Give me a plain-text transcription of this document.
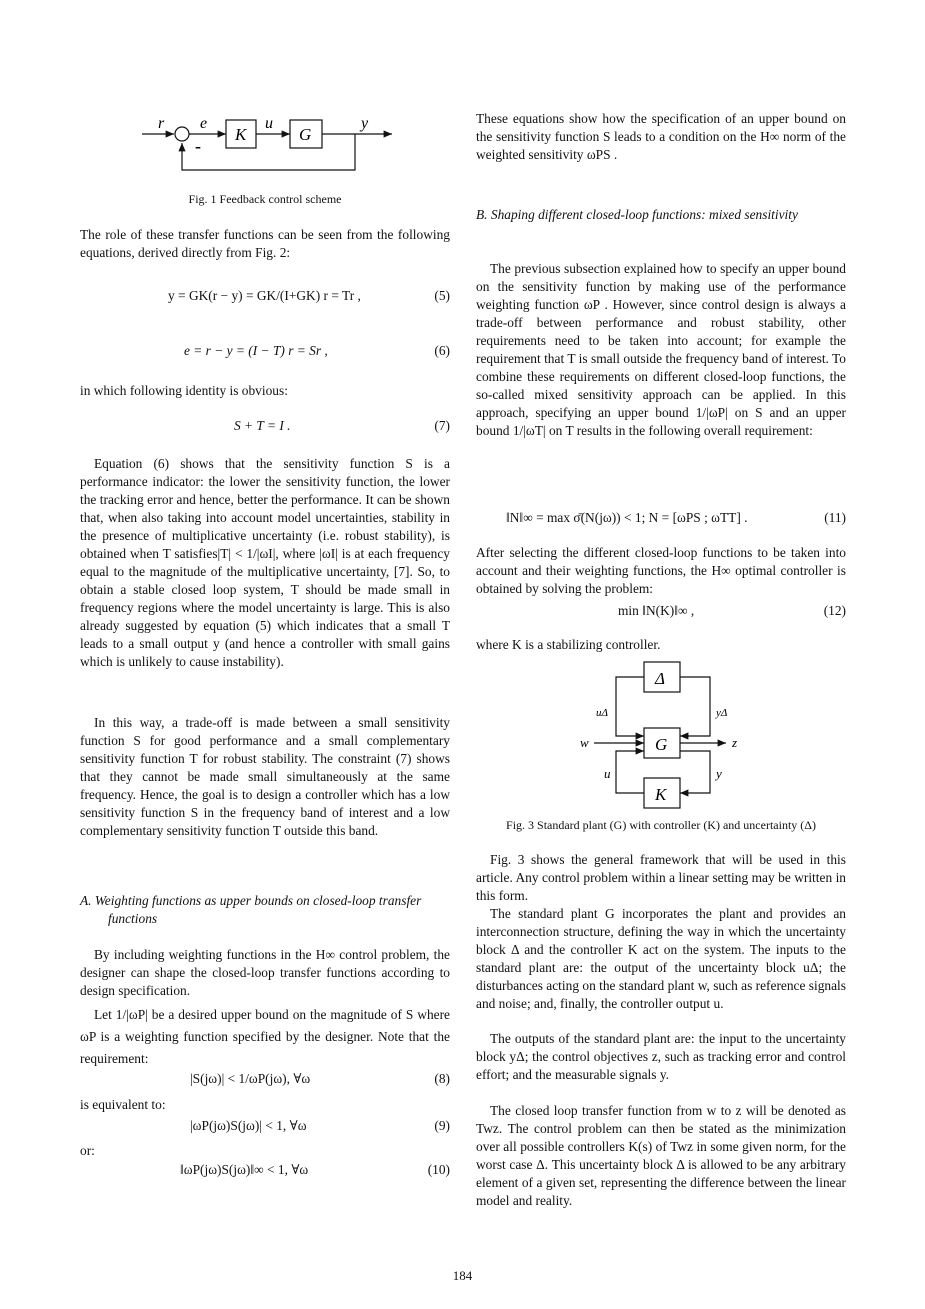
r e
K
u
G
y
-
Fig. 1 Feedback control scheme

The role of these transfer functions can be seen from the following equations, derived directly from Fig. 2:

y = GK(r − y) = GK/(I+GK) r = Tr ,	(5)
e = r − y = (I − T) r = Sr ,	(6)

in which following identity is obvious:

S + T = I .	(7)

Equation (6) shows that the sensitivity function S is a performance indicator: the lower the sensitivity function, the lower the tracking error and hence, better the performance. It can be shown that, when also taking into account model uncertainties, stability in the presence of multiplicative uncertainty (i.e. robust stability), is obtained when T satisfies|T| < 1/|ωI|, where |ωI| is at each frequency equal to the magnitude of the multiplicative uncertainty, [7]. So, to obtain a stable closed loop system, T should be made small in frequency regions where the model uncertainty is large. This is also already suggested by equation (5) which indicates that a small T leads to a small output y (and hence a controller with small gains which is unlikely to cause instability).

In this way, a trade-off is made between a small sensitivity function S for good performance and a small complementary sensitivity function T for robust stability. The constraint (7) shows that they cannot be made small simultaneously at the same frequency. Hence, the goal is to design a controller which has a low sensitivity function S in the frequency band of interest and a low complementary sensitivity function T outside this band.

A. Weighting functions as upper bounds on closed-loop transfer functions

By including weighting functions in the H∞ control problem, the designer can shape the closed-loop transfer functions according to design specification.

Let 1/|ωP| be a desired upper bound on the magnitude of S where ωP is a weighting function specified by the designer. Note that the requirement:

|S(jω)| < 1/ωP(jω), ∀ω	(8)

is equivalent to:

|ωP(jω)S(jω)| < 1, ∀ω	(9)

or:

‖ωP(jω)S(jω)‖∞ < 1, ∀ω	(10)

These equations show how the specification of an upper bound on the sensitivity function S leads to a condition on the H∞ norm of the weighted sensitivity ωPS .

B. Shaping different closed-loop functions: mixed sensitivity

The previous subsection explained how to specify an upper bound on the sensitivity function by making use of the performance weighting function ωP . However, since control design is always a trade-off between performance and robust stability, other requirements need to be taken into account; for example the requirement that T is small outside the frequency band of interest. To combine these requirements on different closed-loop functions, the so-called mixed sensitivity approach can be applied. In this approach, specifying an upper bound 1/|ωP| on S and an upper bound 1/|ωT| on T results in the following overall requirement:

‖N‖∞ = max σ̄(N(jω)) < 1; N = [ωPS ; ωTT] .	(11)

After selecting the different closed-loop functions to be taken into account and their weighting functions, the H∞ optimal controller is obtained by solving the problem:

min ‖N(K)‖∞ ,	(12)

where K is a stabilizing controller.

Δ
G
K
uΔ	yΔ
w	z
u	y
Fig. 3 Standard plant (G) with controller (K) and uncertainty (Δ)

Fig. 3 shows the general framework that will be used in this article. Any control problem within a linear setting may be written in this form.

The standard plant G incorporates the plant and provides an interconnection structure, defining the way in which the uncertainty block Δ and the controller K act on the system. The inputs to the standard plant are: the output of the uncertainty block uΔ; the disturbances acting on the standard plant w, such as reference signals and noise; and, finally, the controller output u.

The outputs of the standard plant are: the input to the uncertainty block yΔ; the control objectives z, such as tracking error and control effort; and the measurable signals y.

The closed loop transfer function from w to z will be denoted as Twz. The control problem can then be stated as the minimization over all possible controllers K(s) of Twz in some given norm, for the worst case Δ. This uncertainty block Δ is allowed to be any arbitrary element of a given set, representing the difference between the linear model and reality.

184
